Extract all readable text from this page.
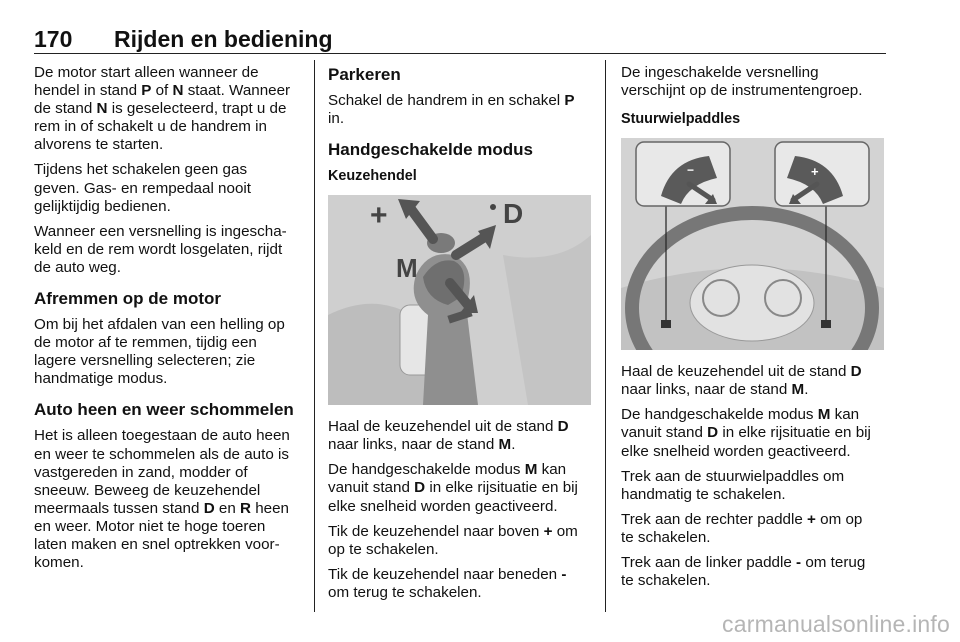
170 Rijden en bediening

De motor start alleen wanneer de
hendel in stand P of N staat. Wanneer
de stand N is geselecteerd, trapt u de
rem in of schakelt u de handrem in
alvorens te starten.

Tijdens het schakelen geen gas
geven. Gas- en rempedaal nooit
gelijktijdig bedienen.

Wanneer een versnelling is ingescha-
keld en de rem wordt losgelaten, rijdt
de auto weg.

Afremmen op de motor

Om bij het afdalen van een helling op
de motor af te remmen, tijdig een
lagere versnelling selecteren; zie
handmatige modus.

Auto heen en weer schommelen

Het is alleen toegestaan de auto heen
en weer te schommelen als de auto is
vastgereden in zand, modder of
sneeuw. Beweeg de keuzehendel
meermaals tussen stand D en R heen
en weer. Motor niet te hoge toeren
laten maken en snel optrekken voor-
komen.

Parkeren

Schakel de handrem in en schakel P
in.

Handgeschakelde modus
Keuzehendel
+	D
M

Haal de keuzehendel uit de stand D
naar links, naar de stand M.

De handgeschakelde modus M kan
vanuit stand D in elke rijsituatie en bij
elke snelheid worden geactiveerd.

Tik de keuzehendel naar boven + om
op te schakelen.

Tik de keuzehendel naar beneden -
om terug te schakelen.

De ingeschakelde versnelling
verschijnt op de instrumentengroep.

Stuurwielpaddles
−	+

Haal de keuzehendel uit de stand D
naar links, naar de stand M.

De handgeschakelde modus M kan
vanuit stand D in elke rijsituatie en bij
elke snelheid worden geactiveerd.

Trek aan de stuurwielpaddles om
handmatig te schakelen.

Trek aan de rechter paddle + om op
te schakelen.

Trek aan de linker paddle - om terug
te schakelen.

carmanualsonline.info
